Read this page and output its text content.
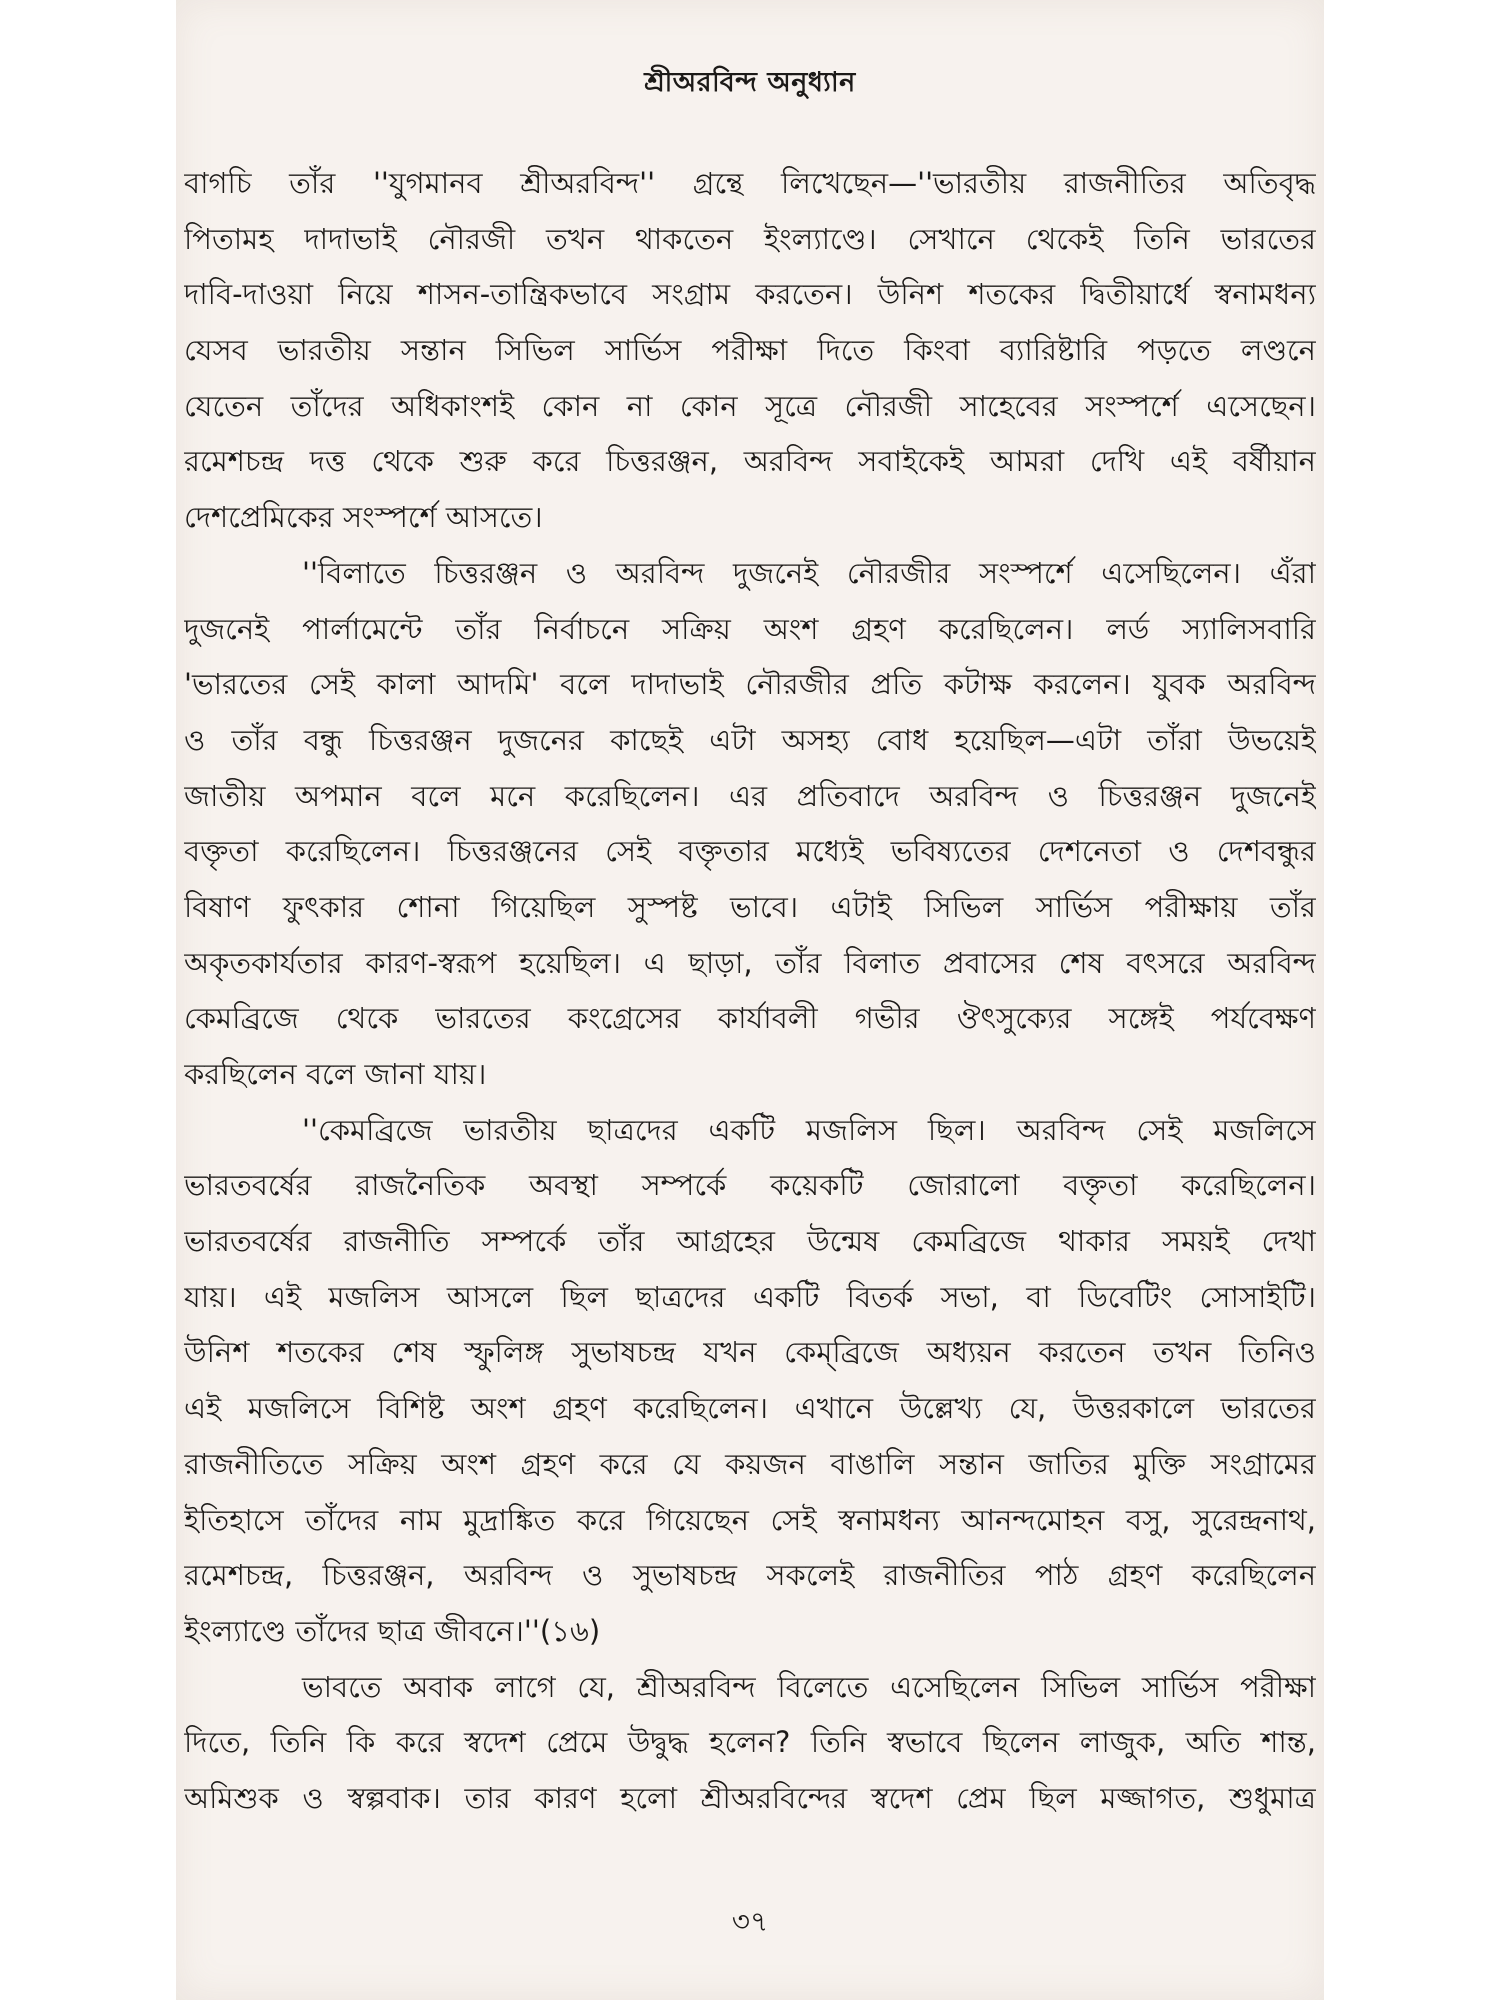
শ্রীঅরবিন্দ অনুধ্যান
বাগচি তাঁর ''যুগমানব শ্রীঅরবিন্দ'' গ্রন্থে লিখেছেন—''ভারতীয় রাজনীতির অতিবৃদ্ধ
পিতামহ দাদাভাই নৌরজী তখন থাকতেন ইংল্যাণ্ডে। সেখানে থেকেই তিনি ভারতের
দাবি-দাওয়া নিয়ে শাসন-তান্ত্রিকভাবে সংগ্রাম করতেন। উনিশ শতকের দ্বিতীয়ার্ধে স্বনামধন্য
যেসব ভারতীয় সন্তান সিভিল সার্ভিস পরীক্ষা দিতে কিংবা ব্যারিষ্টারি পড়তে লণ্ডনে
যেতেন তাঁদের অধিকাংশই কোন না কোন সূত্রে নৌরজী সাহেবের সংস্পর্শে এসেছেন।
রমেশচন্দ্র দত্ত থেকে শুরু করে চিত্তরঞ্জন, অরবিন্দ সবাইকেই আমরা দেখি এই বর্ষীয়ান
দেশপ্রেমিকের সংস্পর্শে আসতে।
''বিলাতে চিত্তরঞ্জন ও অরবিন্দ দুজনেই নৌরজীর সংস্পর্শে এসেছিলেন। এঁরা
দুজনেই পার্লামেন্টে তাঁর নির্বাচনে সক্রিয় অংশ গ্রহণ করেছিলেন। লর্ড স্যালিসবারি
'ভারতের সেই কালা আদমি' বলে দাদাভাই নৌরজীর প্রতি কটাক্ষ করলেন। যুবক অরবিন্দ
ও তাঁর বন্ধু চিত্তরঞ্জন দুজনের কাছেই এটা অসহ্য বোধ হয়েছিল—এটা তাঁরা উভয়েই
জাতীয় অপমান বলে মনে করেছিলেন। এর প্রতিবাদে অরবিন্দ ও চিত্তরঞ্জন দুজনেই
বক্তৃতা করেছিলেন। চিত্তরঞ্জনের সেই বক্তৃতার মধ্যেই ভবিষ্যতের দেশনেতা ও দেশবন্ধুর
বিষাণ ফুৎকার শোনা গিয়েছিল সুস্পষ্ট ভাবে। এটাই সিভিল সার্ভিস পরীক্ষায় তাঁর
অকৃতকার্যতার কারণ-স্বরূপ হয়েছিল। এ ছাড়া, তাঁর বিলাত প্রবাসের শেষ বৎসরে অরবিন্দ
কেমব্রিজে থেকে ভারতের কংগ্রেসের কার্যাবলী গভীর ঔৎসুক্যের সঙ্গেই পর্যবেক্ষণ
করছিলেন বলে জানা যায়।
''কেমব্রিজে ভারতীয় ছাত্রদের একটি মজলিস ছিল। অরবিন্দ সেই মজলিসে
ভারতবর্ষের রাজনৈতিক অবস্থা সম্পর্কে কয়েকটি জোরালো বক্তৃতা করেছিলেন।
ভারতবর্ষের রাজনীতি সম্পর্কে তাঁর আগ্রহের উন্মেষ কেমব্রিজে থাকার সময়ই দেখা
যায়। এই মজলিস আসলে ছিল ছাত্রদের একটি বিতর্ক সভা, বা ডিবেটিং সোসাইটি।
উনিশ শতকের শেষ স্ফুলিঙ্গ সুভাষচন্দ্র যখন কেম্‌ব্রিজে অধ্যয়ন করতেন তখন তিনিও
এই মজলিসে বিশিষ্ট অংশ গ্রহণ করেছিলেন। এখানে উল্লেখ্য যে, উত্তরকালে ভারতের
রাজনীতিতে সক্রিয় অংশ গ্রহণ করে যে কয়জন বাঙালি সন্তান জাতির মুক্তি সংগ্রামের
ইতিহাসে তাঁদের নাম মুদ্রাঙ্কিত করে গিয়েছেন সেই স্বনামধন্য আনন্দমোহন বসু, সুরেন্দ্রনাথ,
রমেশচন্দ্র, চিত্তরঞ্জন, অরবিন্দ ও সুভাষচন্দ্র সকলেই রাজনীতির পাঠ গ্রহণ করেছিলেন
ইংল্যাণ্ডে তাঁদের ছাত্র জীবনে।''(১৬)
ভাবতে অবাক লাগে যে, শ্রীঅরবিন্দ বিলেতে এসেছিলেন সিভিল সার্ভিস পরীক্ষা
দিতে, তিনি কি করে স্বদেশ প্রেমে উদ্বুদ্ধ হলেন? তিনি স্বভাবে ছিলেন লাজুক, অতি শান্ত,
অমিশুক ও স্বল্পবাক। তার কারণ হলো শ্রীঅরবিন্দের স্বদেশ প্রেম ছিল মজ্জাগত, শুধুমাত্র
৩৭
